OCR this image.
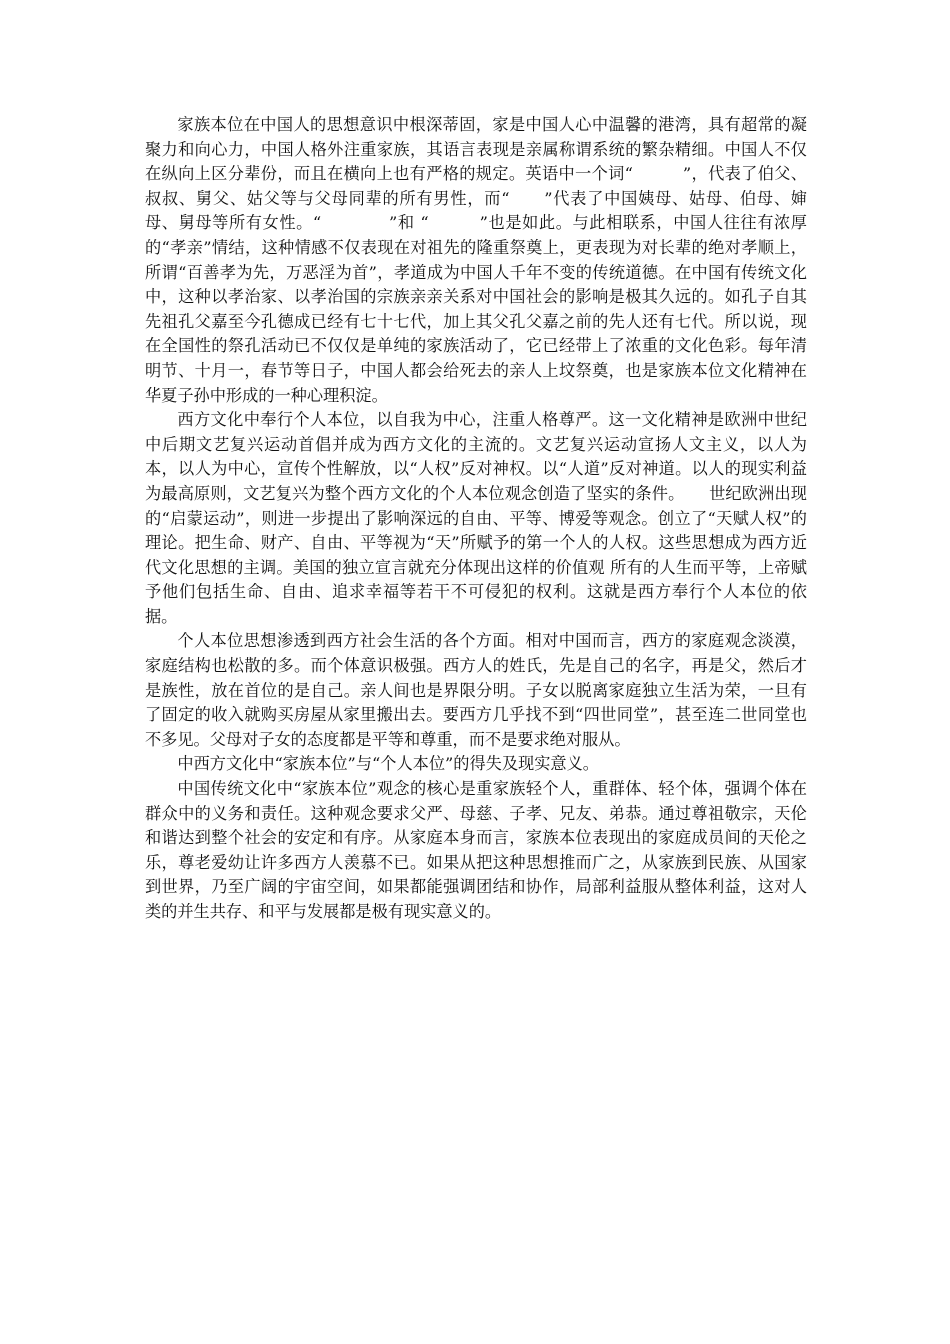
家族本位在中国人的思想意识中根深蒂固，家是中国人心中温馨的港湾，具有超常的凝聚力和向心力，中国人格外注重家族，其语言表现是亲属称谓系统的繁杂精细。中国人不仅在纵向上区分辈份，而且在横向上也有严格的规定。英语中一个词“　　　”，代表了伯父、叔叔、舅父、姑父等与父母同辈的所有男性，而“　　”代表了中国姨母、姑母、伯母、婶母、舅母等所有女性。“　　　　”和 “　　　”也是如此。与此相联系，中国人往往有浓厚的“孝亲”情结，这种情感不仅表现在对祖先的隆重祭奠上，更表现为对长辈的绝对孝顺上，所谓“百善孝为先，万恶淫为首”，孝道成为中国人千年不变的传统道德。在中国有传统文化中，这种以孝治家、以孝治国的宗族亲亲关系对中国社会的影响是极其久远的。如孔子自其先祖孔父嘉至今孔德成已经有七十七代，加上其父孔父嘉之前的先人还有七代。所以说，现在全国性的祭孔活动已不仅仅是单纯的家族活动了，它已经带上了浓重的文化色彩。每年清明节、十月一，春节等日子，中国人都会给死去的亲人上坟祭奠，也是家族本位文化精神在华夏子孙中形成的一种心理积淀。

西方文化中奉行个人本位，以自我为中心，注重人格尊严。这一文化精神是欧洲中世纪中后期文艺复兴运动首倡并成为西方文化的主流的。文艺复兴运动宣扬人文主义，以人为本，以人为中心，宣传个性解放，以“人权”反对神权。以“人道”反对神道。以人的现实利益为最高原则，文艺复兴为整个西方文化的个人本位观念创造了坚实的条件。　　世纪欧洲出现的“启蒙运动”，则进一步提出了影响深远的自由、平等、博爱等观念。创立了“天赋人权”的理论。把生命、财产、自由、平等视为“天”所赋予的第一个人的人权。这些思想成为西方近代文化思想的主调。美国的独立宣言就充分体现出这样的价值观 所有的人生而平等，上帝赋予他们包括生命、自由、追求幸福等若干不可侵犯的权利。这就是西方奉行个人本位的依据。

个人本位思想渗透到西方社会生活的各个方面。相对中国而言，西方的家庭观念淡漠，家庭结构也松散的多。而个体意识极强。西方人的姓氏，先是自己的名字，再是父，然后才是族性，放在首位的是自己。亲人间也是界限分明。子女以脱离家庭独立生活为荣，一旦有了固定的收入就购买房屋从家里搬出去。要西方几乎找不到“四世同堂”，甚至连二世同堂也不多见。父母对子女的态度都是平等和尊重，而不是要求绝对服从。

中西方文化中“家族本位”与“个人本位”的得失及现实意义。

中国传统文化中“家族本位”观念的核心是重家族轻个人，重群体、轻个体，强调个体在群众中的义务和责任。这种观念要求父严、母慈、子孝、兄友、弟恭。通过尊祖敬宗，天伦和谐达到整个社会的安定和有序。从家庭本身而言，家族本位表现出的家庭成员间的天伦之乐，尊老爱幼让许多西方人羡慕不已。如果从把这种思想推而广之，从家族到民族、从国家到世界，乃至广阔的宇宙空间，如果都能强调团结和协作，局部利益服从整体利益，这对人类的并生共存、和平与发展都是极有现实意义的。
